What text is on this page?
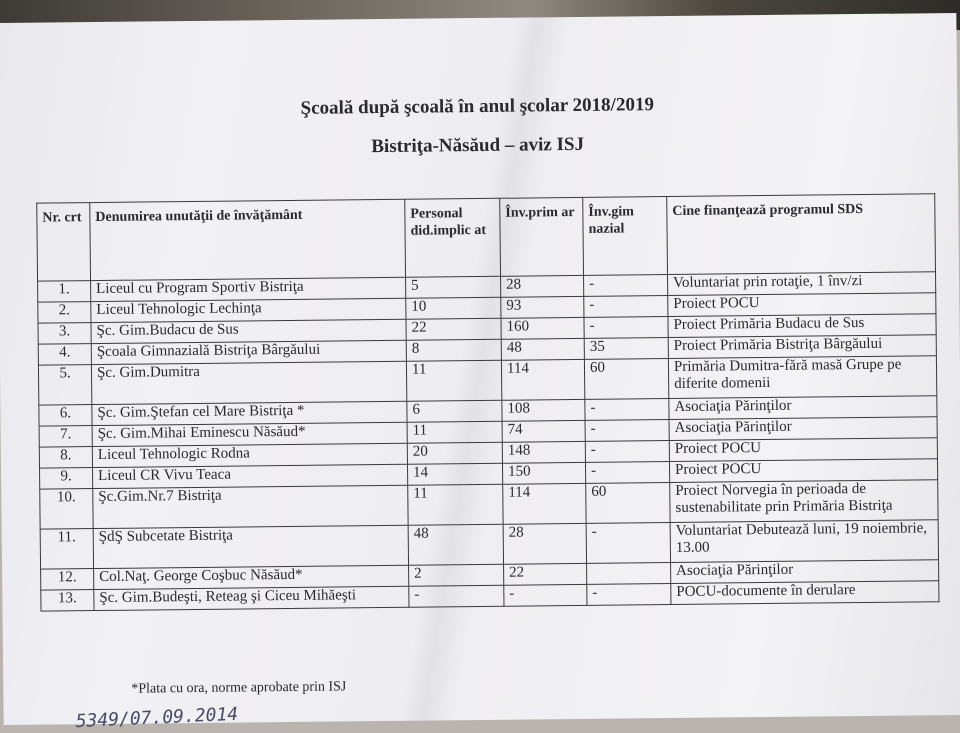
Şcoală după şcoală în anul şcolar 2018/2019
Bistriţa-Năsăud – aviz ISJ
Nr. crt	Denumirea unutăţii de învăţământ	Personal did.implic at	Înv.prim ar	Înv.gim nazial	Cine finanţează programul SDS
1.	Liceul cu Program Sportiv Bistriţa	5	28	-	Voluntariat prin rotaţie, 1 înv/zi
2.	Liceul Tehnologic Lechinţa	10	93	-	Proiect POCU
3.	Şc. Gim.Budacu de Sus	22	160	-	Proiect Primăria Budacu de Sus
4.	Şcoala Gimnazială Bistriţa Bârgăului	8	48	35	Proiect Primăria Bistriţa Bârgăului
5.	Şc. Gim.Dumitra	11	114	60	Primăria Dumitra-fără masă Grupe pe diferite domenii
6.	Şc. Gim.Ştefan cel Mare Bistriţa *	6	108	-	Asociaţia Părinţilor
7.	Şc. Gim.Mihai Eminescu Năsăud*	11	74	-	Asociaţia Părinţilor
8.	Liceul Tehnologic Rodna	20	148	-	Proiect POCU
9.	Liceul CR Vivu Teaca	14	150	-	Proiect POCU
10.	Şc.Gim.Nr.7 Bistriţa	11	114	60	Proiect Norvegia în perioada de sustenabilitate prin Primăria Bistriţa
11.	ŞdŞ Subcetate Bistriţa	48	28	-	Voluntariat Debutează luni, 19 noiembrie, 13.00
12.	Col.Naţ. George Coşbuc Năsăud*	2	22		Asociaţia Părinţilor
13.	Şc. Gim.Budeşti, Reteag şi Ciceu Mihăeşti	-	-	-	POCU-documente în derulare
*Plata cu ora, norme aprobate prin ISJ
5349/07.09.2014
